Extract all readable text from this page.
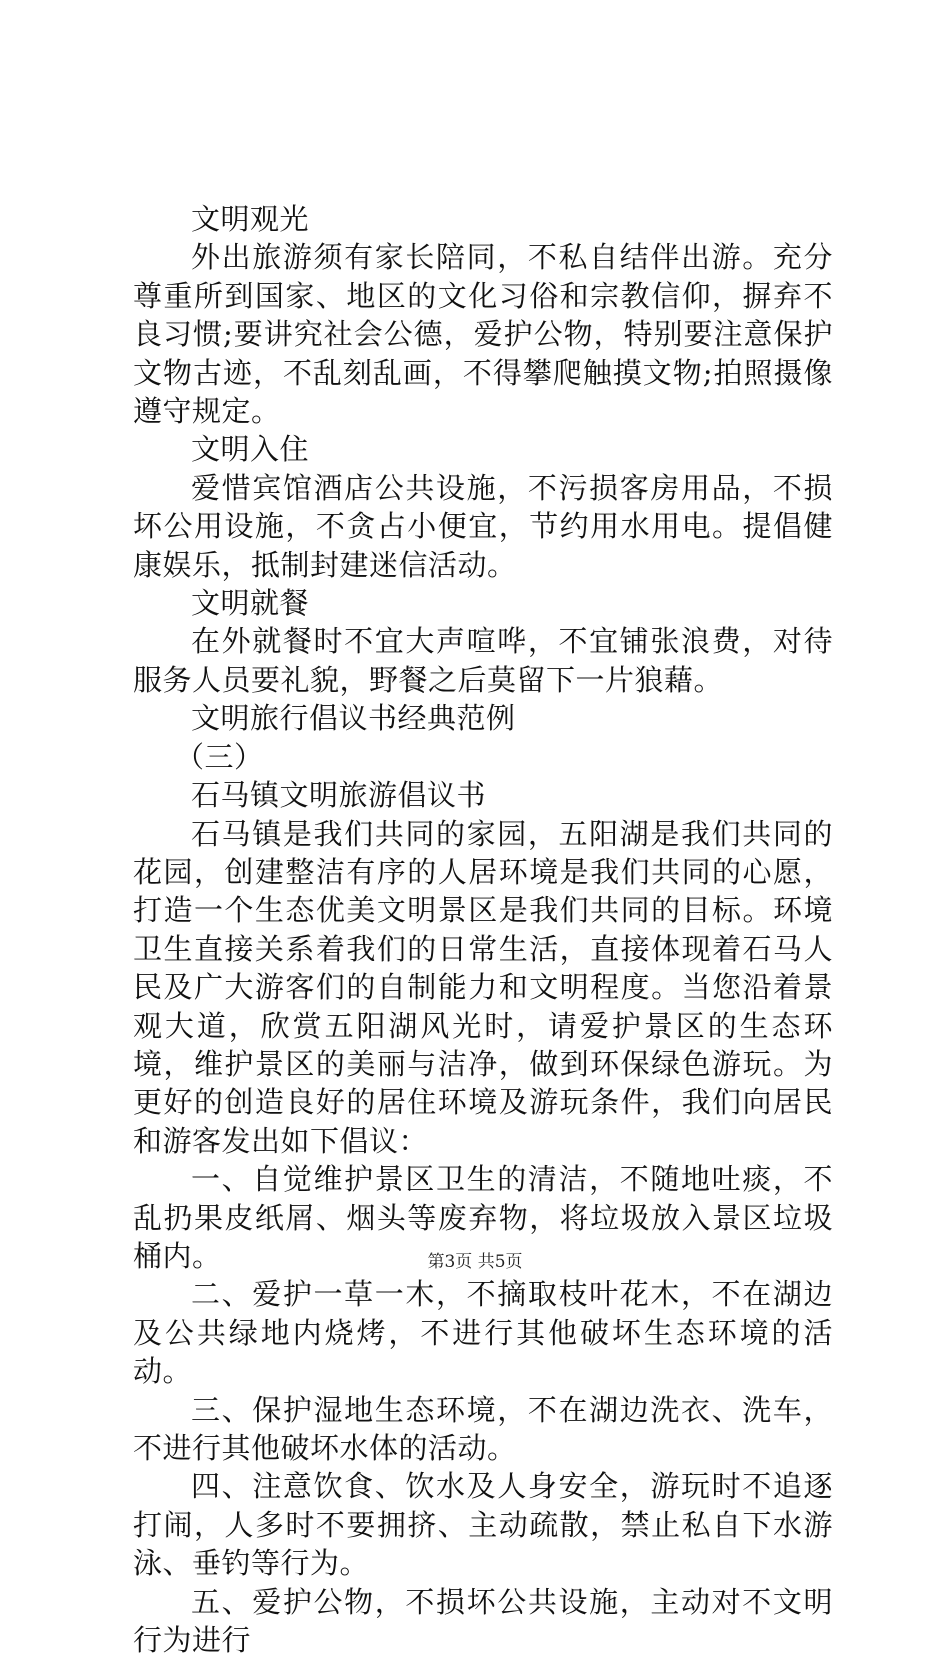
文明观光

外出旅游须有家长陪同，不私自结伴出游。充分尊重所到国家、地区的文化习俗和宗教信仰，摒弃不良习惯;要讲究社会公德，爱护公物，特别要注意保护文物古迹，不乱刻乱画，不得攀爬触摸文物;拍照摄像遵守规定。

文明入住

爱惜宾馆酒店公共设施，不污损客房用品，不损坏公用设施，不贪占小便宜，节约用水用电。提倡健康娱乐，抵制封建迷信活动。

文明就餐

在外就餐时不宜大声喧哗，不宜铺张浪费，对待服务人员要礼貌，野餐之后莫留下一片狼藉。

文明旅行倡议书经典范例

（三）

石马镇文明旅游倡议书

石马镇是我们共同的家园，五阳湖是我们共同的花园，创建整洁有序的人居环境是我们共同的心愿，打造一个生态优美文明景区是我们共同的目标。环境卫生直接关系着我们的日常生活，直接体现着石马人民及广大游客们的自制能力和文明程度。当您沿着景观大道，欣赏五阳湖风光时，请爱护景区的生态环境，维护景区的美丽与洁净，做到环保绿色游玩。为更好的创造良好的居住环境及游玩条件，我们向居民和游客发出如下倡议：

一、自觉维护景区卫生的清洁，不随地吐痰，不乱扔果皮纸屑、烟头等废弃物，将垃圾放入景区垃圾桶内。

二、爱护一草一木，不摘取枝叶花木，不在湖边及公共绿地内烧烤，不进行其他破坏生态环境的活动。

三、保护湿地生态环境，不在湖边洗衣、洗车，不进行其他破坏水体的活动。

四、注意饮食、饮水及人身安全，游玩时不追逐打闹，人多时不要拥挤、主动疏散，禁止私自下水游泳、垂钓等行为。

五、爱护公物，不损坏公共设施，主动对不文明行为进行

第3页 共5页
